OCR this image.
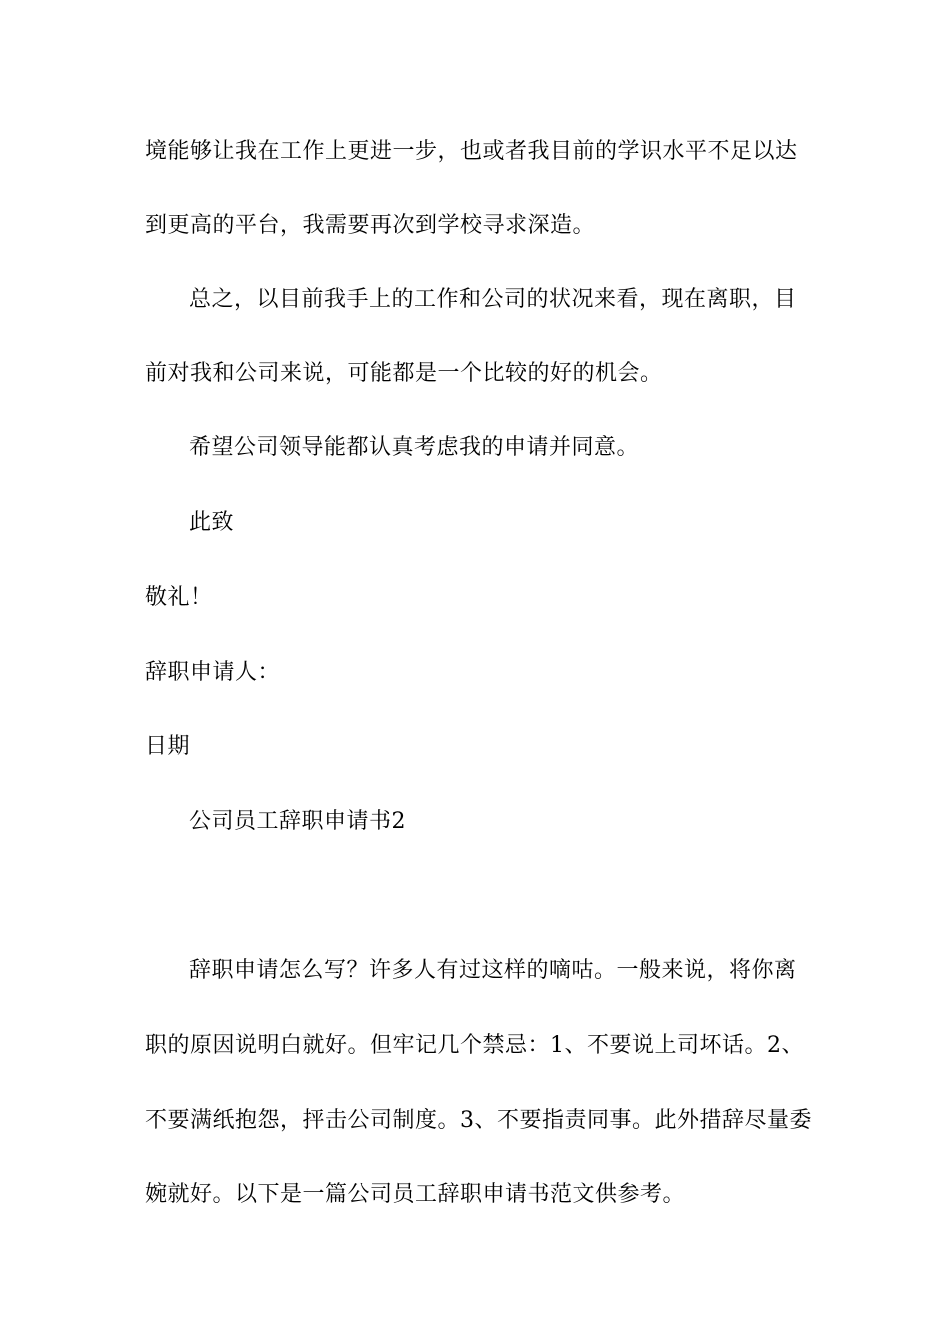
境能够让我在工作上更进一步，也或者我目前的学识水平不足以达
到更高的平台，我需要再次到学校寻求深造。
总之，以目前我手上的工作和公司的状况来看，现在离职，目
前对我和公司来说，可能都是一个比较的好的机会。
希望公司领导能都认真考虑我的申请并同意。
此致
敬礼！
辞职申请人：
日期
公司员工辞职申请书2
辞职申请怎么写？许多人有过这样的嘀咕。一般来说，将你离
职的原因说明白就好。但牢记几个禁忌：1、不要说上司坏话。2、
不要满纸抱怨，抨击公司制度。3、不要指责同事。此外措辞尽量委
婉就好。以下是一篇公司员工辞职申请书范文供参考。
